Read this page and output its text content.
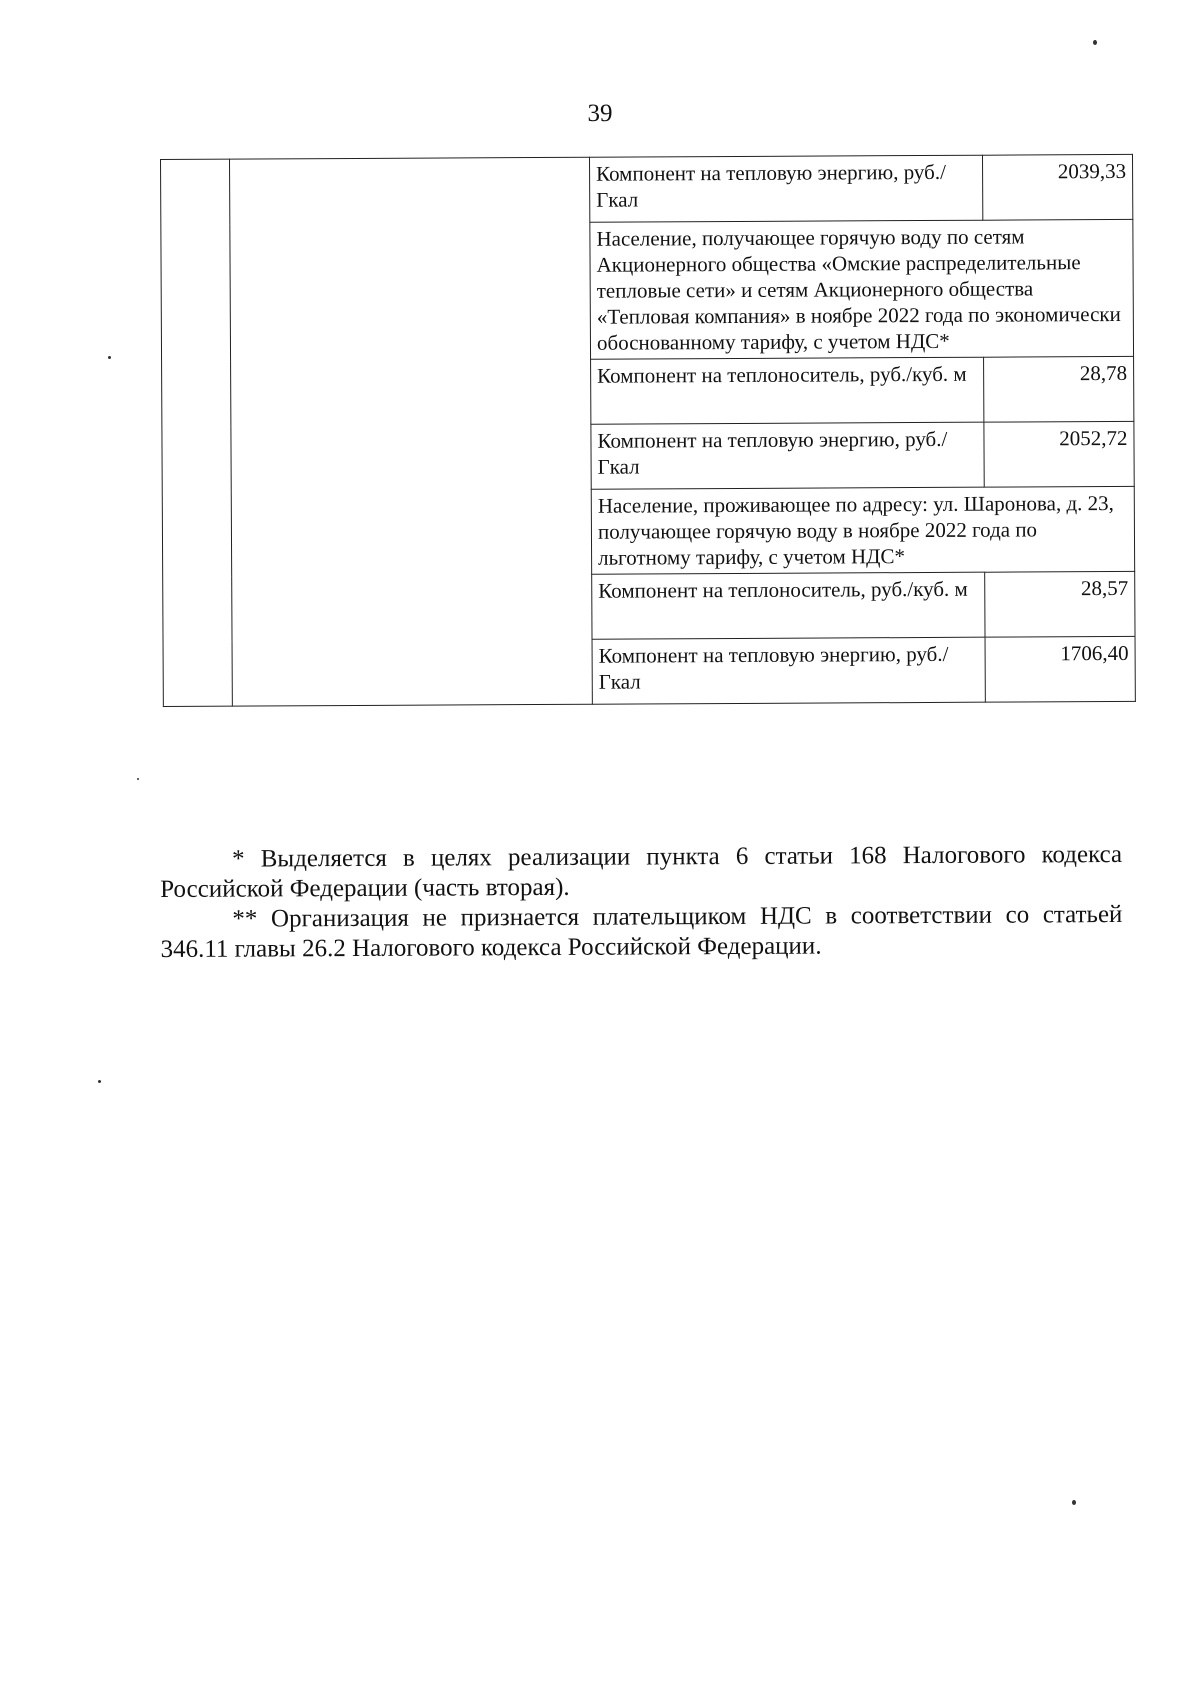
39
		Компонент на тепловую энергию, руб./Гкал	2039,33
		Население, получающее горячую воду по сетям Акционерного общества «Омские распределительные тепловые сети» и сетям Акционерного общества «Тепловая компания» в ноябре 2022 года по экономически обоснованному тарифу, с учетом НДС*	
		Компонент на теплоноситель, руб./куб. м	28,78
		Компонент на тепловую энергию, руб./Гкал	2052,72
		Население, проживающее по адресу: ул. Шаронова, д. 23, получающее горячую воду в ноябре 2022 года по льготному тарифу, с учетом НДС*	
		Компонент на теплоноситель, руб./куб. м	28,57
		Компонент на тепловую энергию, руб./Гкал	1706,40

* Выделяется в целях реализации пункта 6 статьи 168 Налогового кодекса Российской Федерации (часть вторая).

** Организация не признается плательщиком НДС в соответствии со статьей 346.11 главы 26.2 Налогового кодекса Российской Федерации.
